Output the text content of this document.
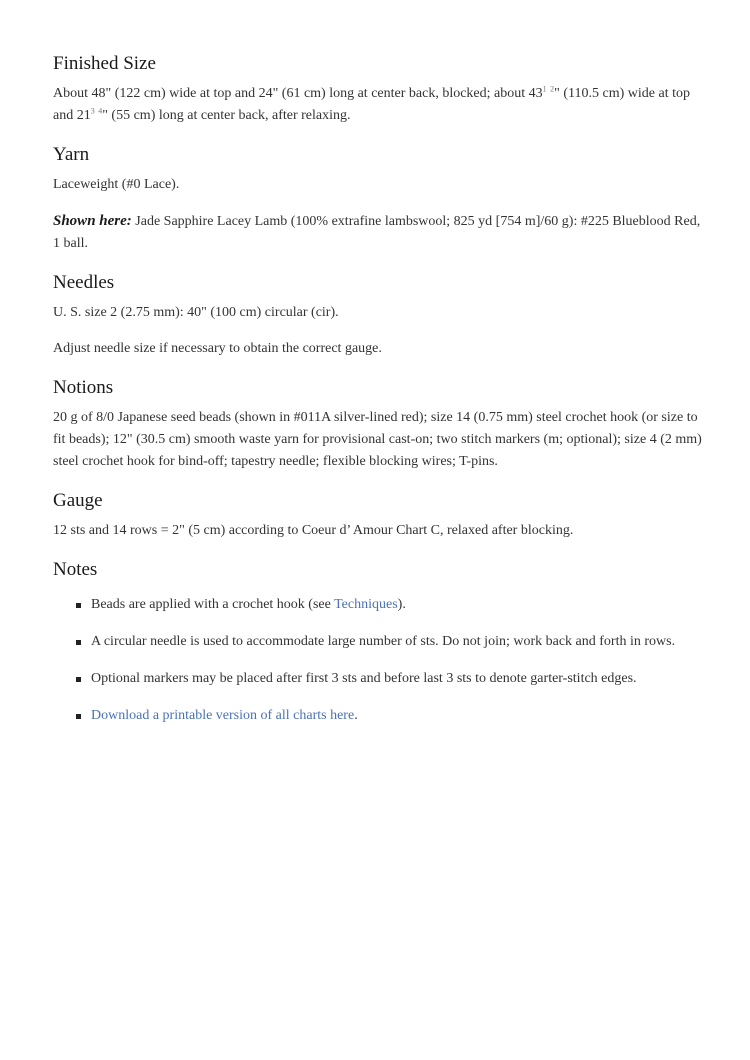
Finished Size

About 48" (122 cm) wide at top and 24" (61 cm) long at center back, blocked; about $43^1$ $^2$" (110.5 cm) wide at top and $21^3$ $^4$" (55 cm) long at center back, after relaxing.

Yarn

Laceweight (#0 Lace).

Shown here: Jade Sapphire Lacey Lamb (100% extrafine lambswool; 825 yd [754 m]/60 g): #225 Blueblood Red, 1 ball.

Needles

U. S. size 2 (2.75 mm): 40" (100 cm) circular (cir).

Adjust needle size if necessary to obtain the correct gauge.

Notions

20 g of 8/0 Japanese seed beads (shown in #011A silver-lined red); size 14 (0.75 mm) steel crochet hook (or size to fit beads); 12" (30.5 cm) smooth waste yarn for provisional cast-on; two stitch markers (m; optional); size 4 (2 mm) steel crochet hook for bind-off; tapestry needle; flexible blocking wires; T-pins.

Gauge

12 sts and 14 rows = 2" (5 cm) according to Coeur d’ Amour Chart C, relaxed after blocking.

Notes
Beads are applied with a crochet hook (see Techniques).
A circular needle is used to accommodate large number of sts. Do not join; work back and forth in rows.
Optional markers may be placed after first 3 sts and before last 3 sts to denote garter-stitch edges.
Download a printable version of all charts here.
